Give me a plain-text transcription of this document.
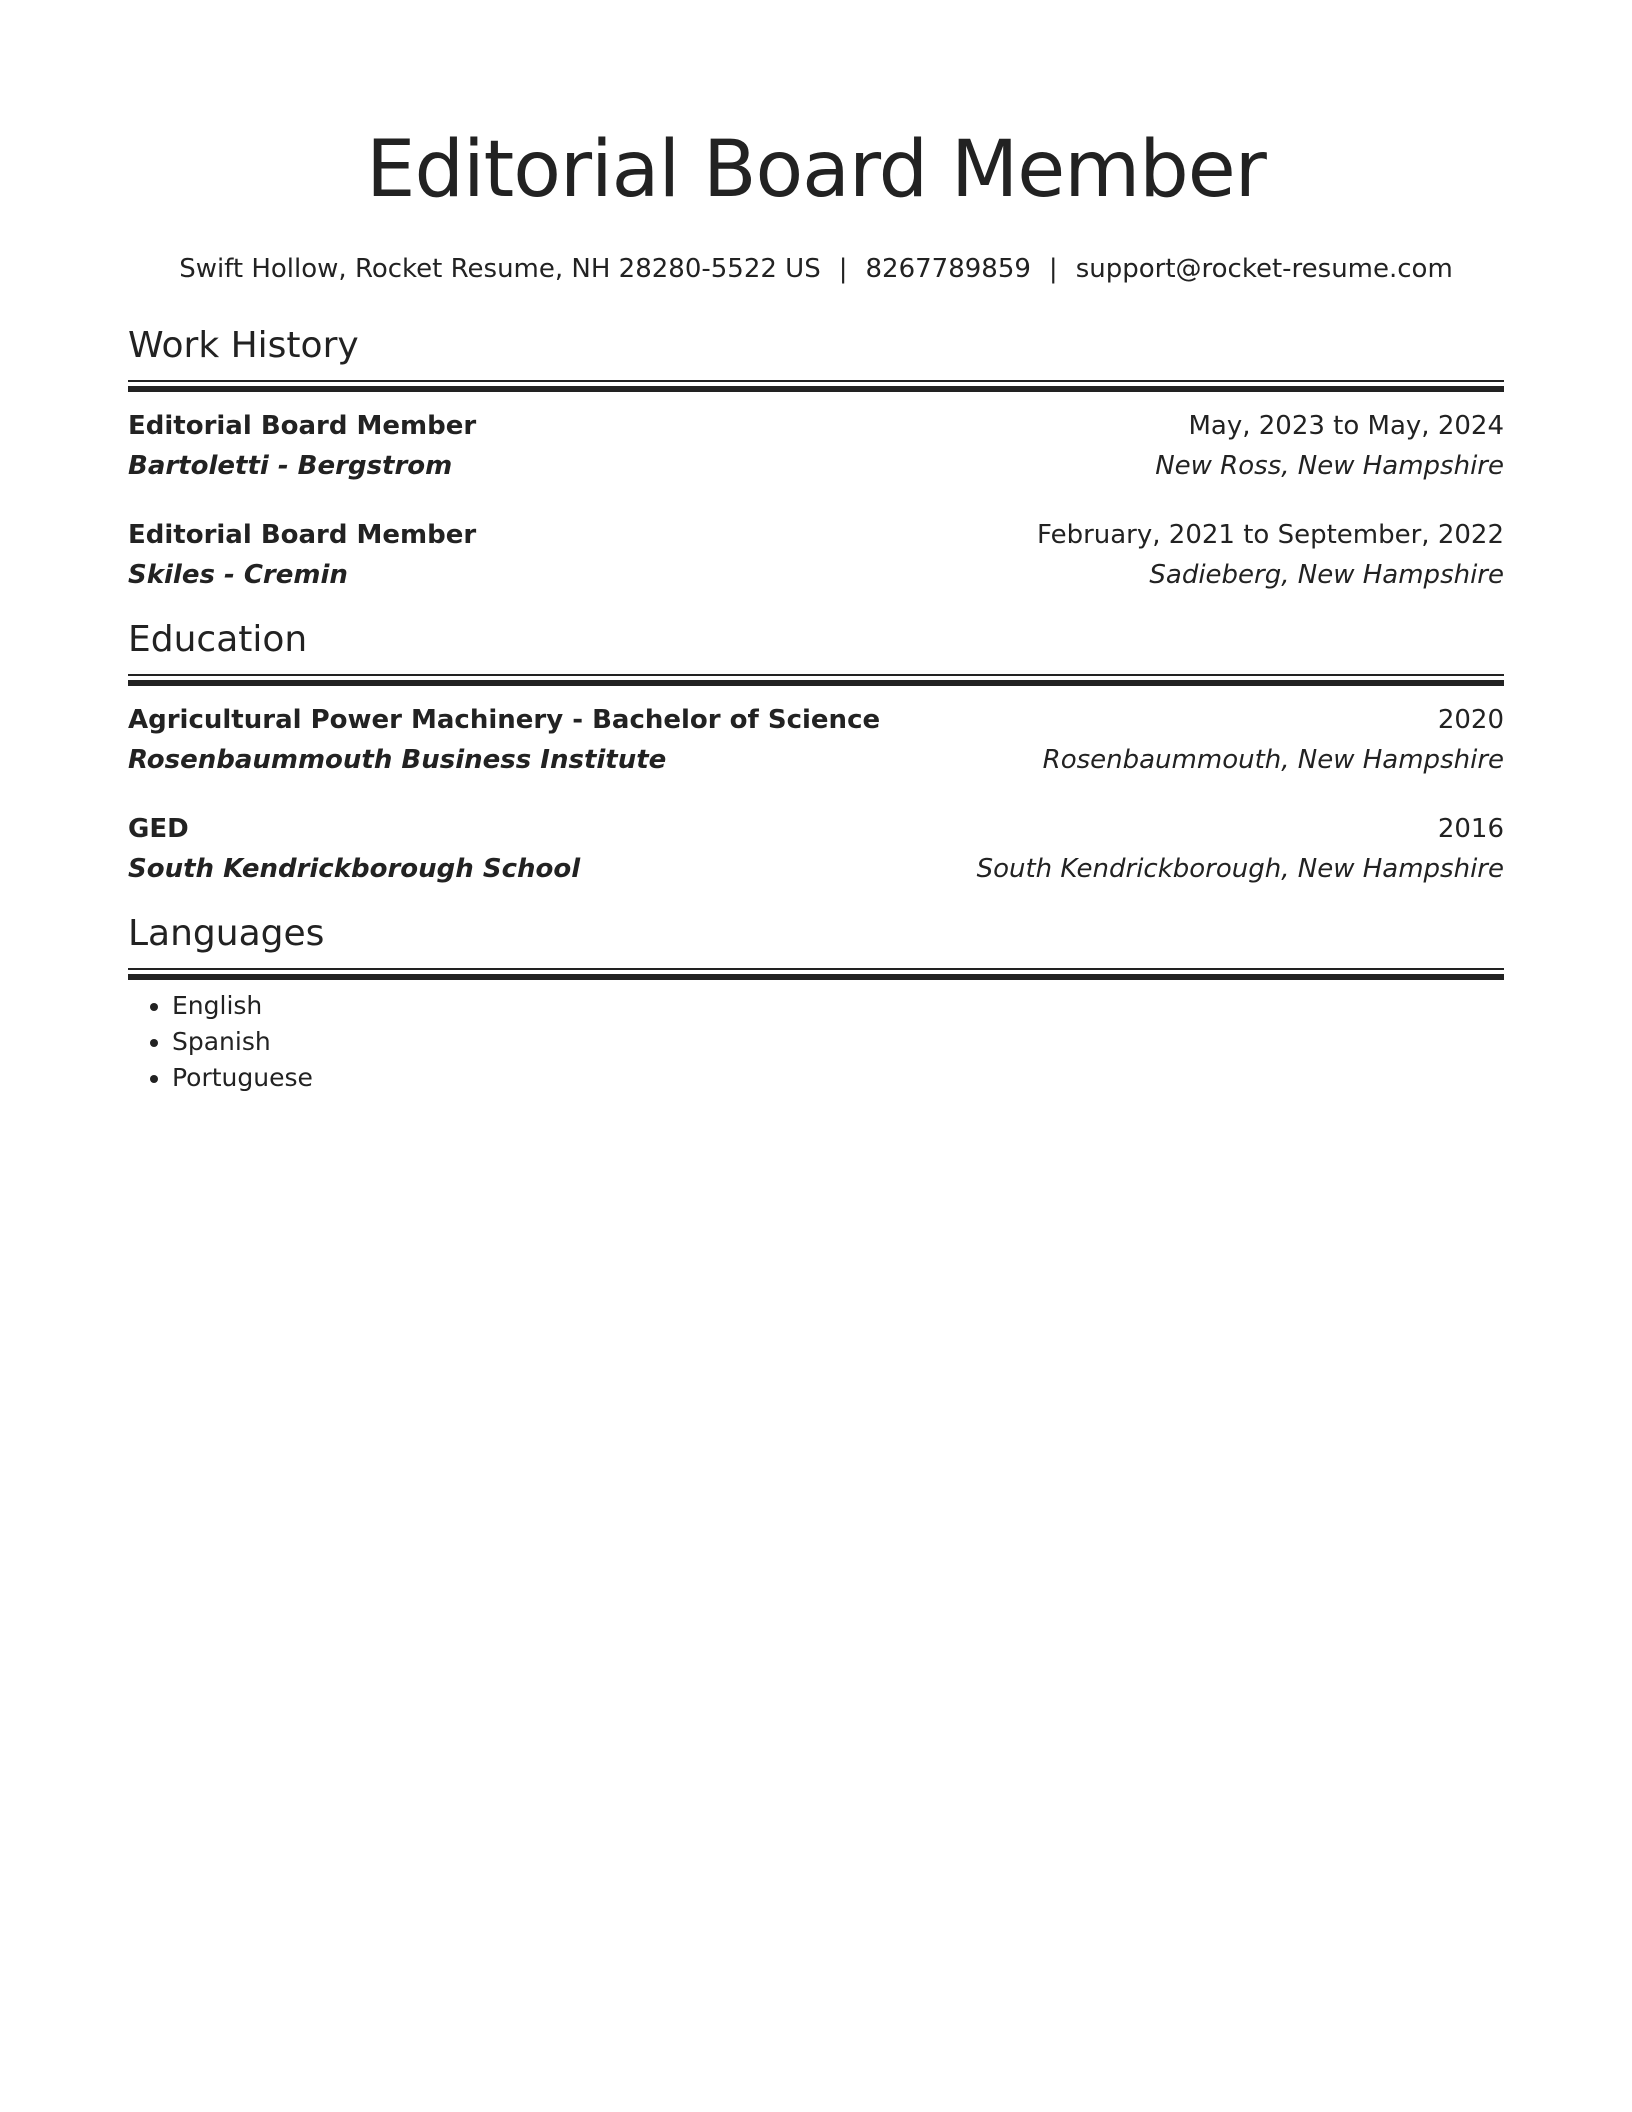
Editorial Board Member
Swift Hollow, Rocket Resume, NH 28280-5522 US | 8267789859 | support@rocket-resume.com
Work History
Editorial Board Member	May, 2023 to May, 2024
Bartoletti - Bergstrom	New Ross, New Hampshire
Editorial Board Member	February, 2021 to September, 2022
Skiles - Cremin	Sadieberg, New Hampshire
Education
Agricultural Power Machinery - Bachelor of Science	2020
Rosenbaummouth Business Institute	Rosenbaummouth, New Hampshire
GED	2016
South Kendrickborough School	South Kendrickborough, New Hampshire
Languages
• English
• Spanish
• Portuguese
